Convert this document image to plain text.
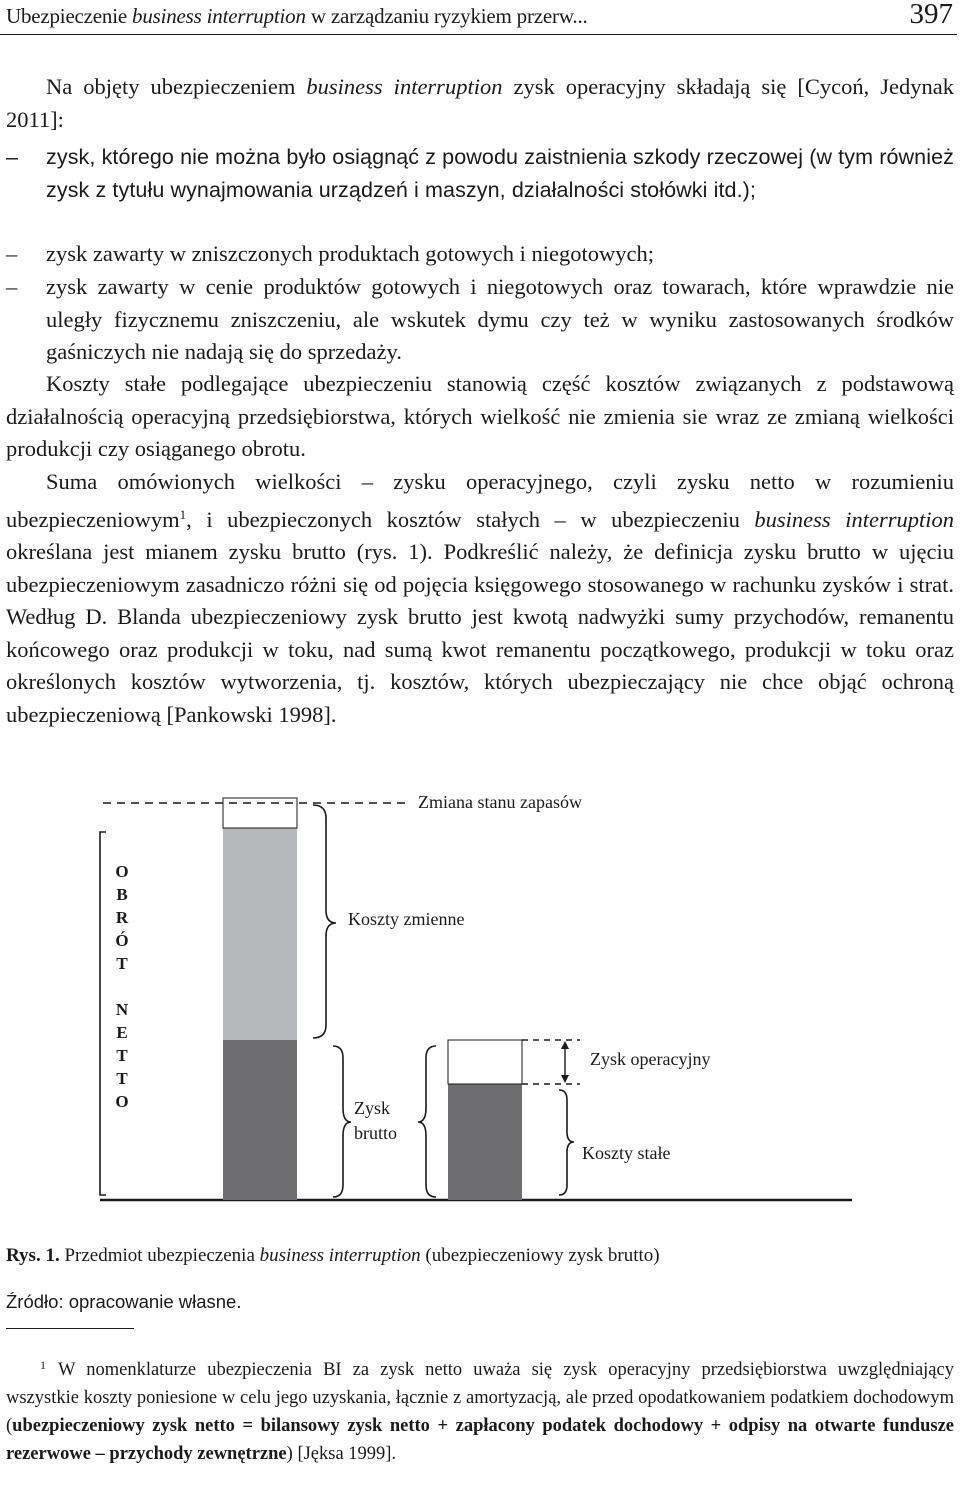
Ubezpieczenie business interruption w zarządzaniu ryzykiem przerw...	397
Na objęty ubezpieczeniem business interruption zysk operacyjny składają się [Cycoń, Jedynak 2011]:
– zysk, którego nie można było osiągnąć z powodu zaistnienia szkody rzeczowej (w tym również zysk z tytułu wynajmowania urządzeń i maszyn, działalności stołówki itd.);
– zysk zawarty w zniszczonych produktach gotowych i niegotowych;
– zysk zawarty w cenie produktów gotowych i niegotowych oraz towarach, które wprawdzie nie uległy fizycznemu zniszczeniu, ale wskutek dymu czy też w wyniku zastosowanych środków gaśniczych nie nadają się do sprzedaży.
Koszty stałe podlegające ubezpieczeniu stanowią część kosztów związanych z podstawową działalnością operacyjną przedsiębiorstwa, których wielkość nie zmienia sie wraz ze zmianą wielkości produkcji czy osiąganego obrotu.
Suma omówionych wielkości – zysku operacyjnego, czyli zysku netto w rozumieniu ubezpieczeniowym$^1$, i ubezpieczonych kosztów stałych – w ubezpieczeniu business interruption określana jest mianem zysku brutto (rys. 1). Podkreślić należy, że definicja zysku brutto w ujęciu ubezpieczeniowym zasadniczo różni się od pojęcia księgowego stosowanego w rachunku zysków i strat. Według D. Blanda ubezpieczeniowy zysk brutto jest kwotą nadwyżki sumy przychodów, remanentu końcowego oraz produkcji w toku, nad sumą kwot remanentu początkowego, produkcji w toku oraz określonych kosztów wytworzenia, tj. kosztów, których ubezpieczający nie chce objąć ochroną ubezpieczeniową [Pankowski 1998].
Zmiana stanu zapasów
Koszty zmienne
Zysk operacyjny
Zysk
brutto
Koszty stałe
O
B
R
Ó
T
N
E
T
T
O
Rys. 1. Przedmiot ubezpieczenia business interruption (ubezpieczeniowy zysk brutto)
Źródło: opracowanie własne.
$^1$ W nomenklaturze ubezpieczenia BI za zysk netto uważa się zysk operacyjny przedsiębiorstwa uwzględniający wszystkie koszty poniesione w celu jego uzyskania, łącznie z amortyzacją, ale przed opodatkowaniem podatkiem dochodowym (ubezpieczeniowy zysk netto = bilansowy zysk netto + zapłacony podatek dochodowy + odpisy na otwarte fundusze rezerwowe – przychody zewnętrzne) [Jęksa 1999].
